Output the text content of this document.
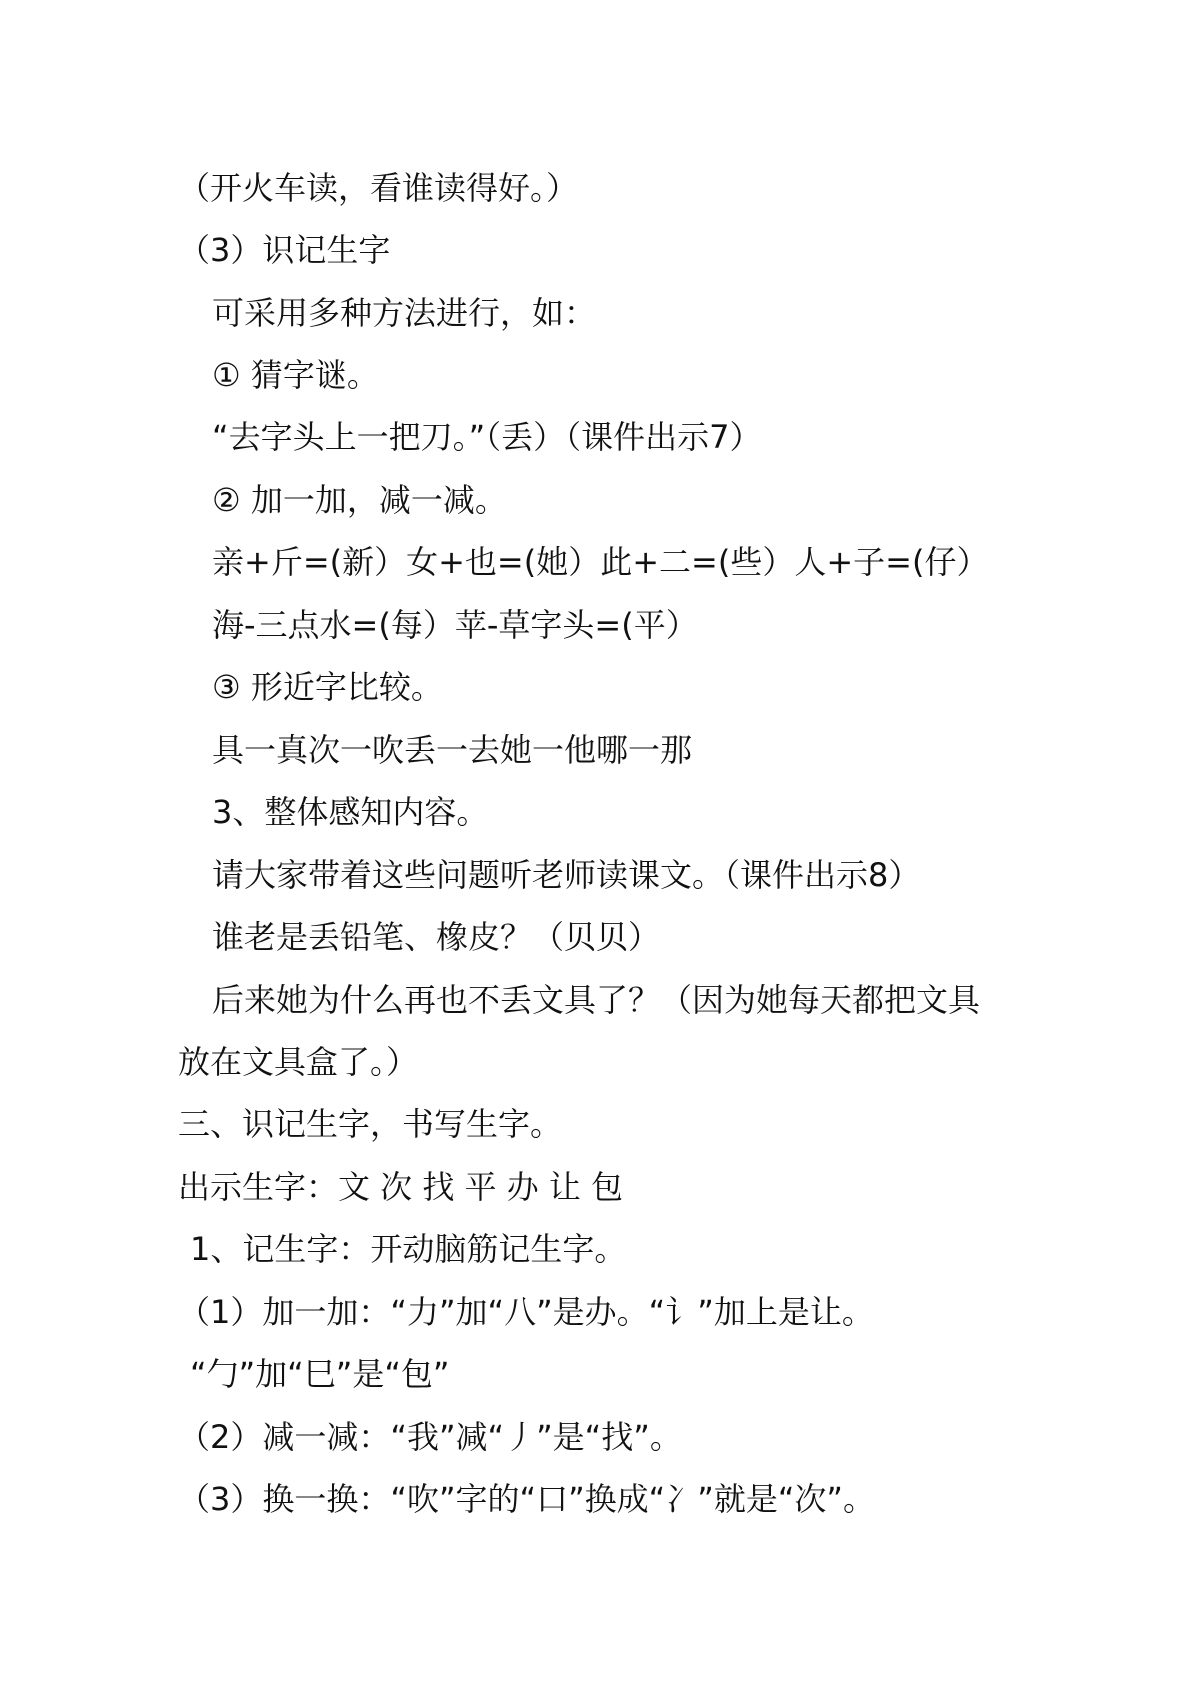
（开火车读，看谁读得好。）
（3）识记生字
可采用多种方法进行，如：
① 猜字谜。
“去字头上一把刀。”（丢）（课件出示7）
② 加一加，减一减。
亲+斤=(新）女+也=(她）此+二=(些）人+子=(仔）
海-三点水=(每）苹-草字头=(平）
③ 形近字比较。
具一真次一吹丢一去她一他哪一那
3、整体感知内容。
请大家带着这些问题听老师读课文。（课件出示8）
谁老是丢铅笔、橡皮？（贝贝）
后来她为什么再也不丢文具了？（因为她每天都把文具
放在文具盒了。）
三、识记生字，书写生字。
出示生字：文 次 找 平 办 让 包
1、记生字：开动脑筋记生字。
（1）加一加：“力”加“八”是办。“讠”加上是让。
“勹”加“巳”是“包”
（2）减一减：“我”减“丿”是“找”。
（3）换一换：“吹”字的“口”换成“冫”就是“次”。
